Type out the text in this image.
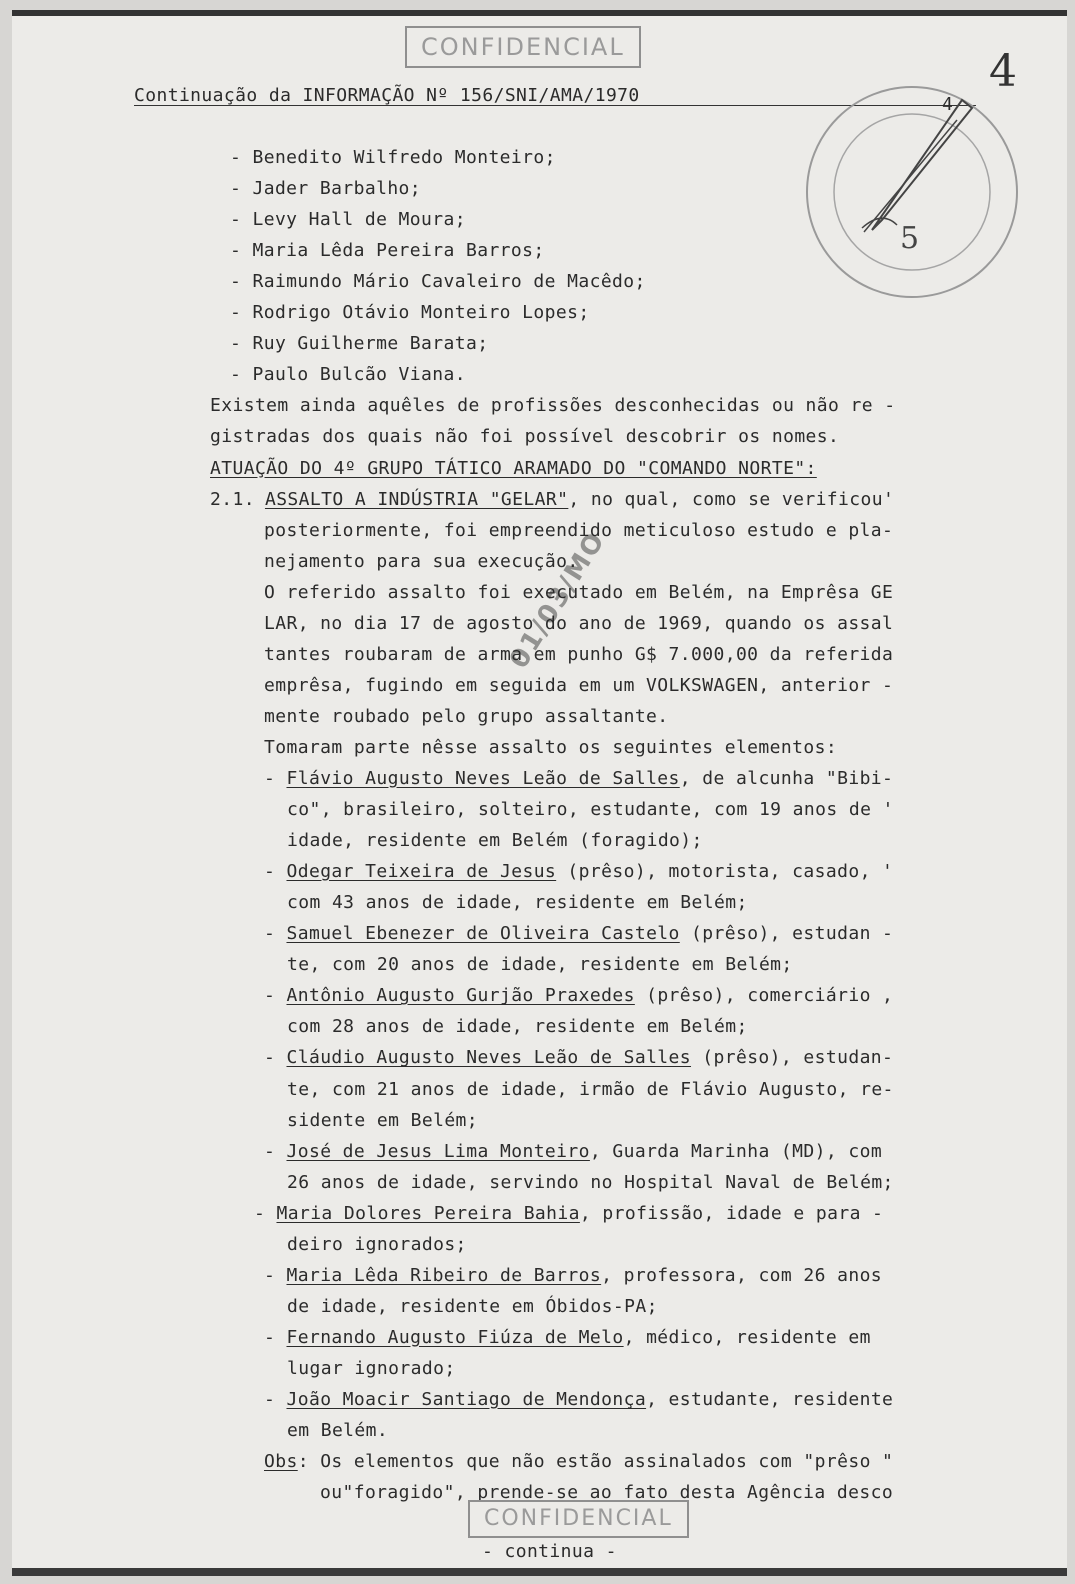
CONFIDENCIAL
Continuação da INFORMAÇÃO Nº 156/SNI/AMA/1970	4
4
5
- Benedito Wilfredo Monteiro;
- Jader Barbalho;
- Levy Hall de Moura;
- Maria Lêda Pereira Barros;
- Raimundo Mário Cavaleiro de Macêdo;
- Rodrigo Otávio Monteiro Lopes;
- Ruy Guilherme Barata;
- Paulo Bulcão Viana.
Existem ainda aquêles de profissões desconhecidas ou não re -
gistradas dos quais não foi possível descobrir os nomes.
ATUAÇÃO DO 4º GRUPO TÁTICO ARAMADO DO "COMANDO NORTE":
2.1. ASSALTO A INDÚSTRIA "GELAR", no qual, como se verificou'
posteriormente, foi empreendido meticuloso estudo e pla-
nejamento para sua execução.
O referido assalto foi executado em Belém, na Emprêsa GE
LAR, no dia 17 de agosto do ano de 1969, quando os assal
tantes roubaram de arma em punho G$ 7.000,00 da referida
emprêsa, fugindo em seguida em um VOLKSWAGEN, anterior -
mente roubado pelo grupo assaltante.
Tomaram parte nêsse assalto os seguintes elementos:
- Flávio Augusto Neves Leão de Salles, de alcunha "Bibi-
co", brasileiro, solteiro, estudante, com 19 anos de '
idade, residente em Belém (foragido);
- Odegar Teixeira de Jesus (prêso), motorista, casado, '
com 43 anos de idade, residente em Belém;
- Samuel Ebenezer de Oliveira Castelo (prêso), estudan -
te, com 20 anos de idade, residente em Belém;
- Antônio Augusto Gurjão Praxedes (prêso), comerciário ,
com 28 anos de idade, residente em Belém;
- Cláudio Augusto Neves Leão de Salles (prêso), estudan-
te, com 21 anos de idade, irmão de Flávio Augusto, re-
sidente em Belém;
- José de Jesus Lima Monteiro, Guarda Marinha (MD), com
26 anos de idade, servindo no Hospital Naval de Belém;
- Maria Dolores Pereira Bahia, profissão, idade e para -
deiro ignorados;
- Maria Lêda Ribeiro de Barros, professora, com 26 anos
de idade, residente em Óbidos-PA;
- Fernando Augusto Fiúza de Melo, médico, residente em
lugar ignorado;
- João Moacir Santiago de Mendonça, estudante, residente
em Belém.
Obs: Os elementos que não estão assinalados com "prêso "
ou"foragido", prende-se ao fato desta Agência desco
01/03/MO
CONFIDENCIAL
- continua -
